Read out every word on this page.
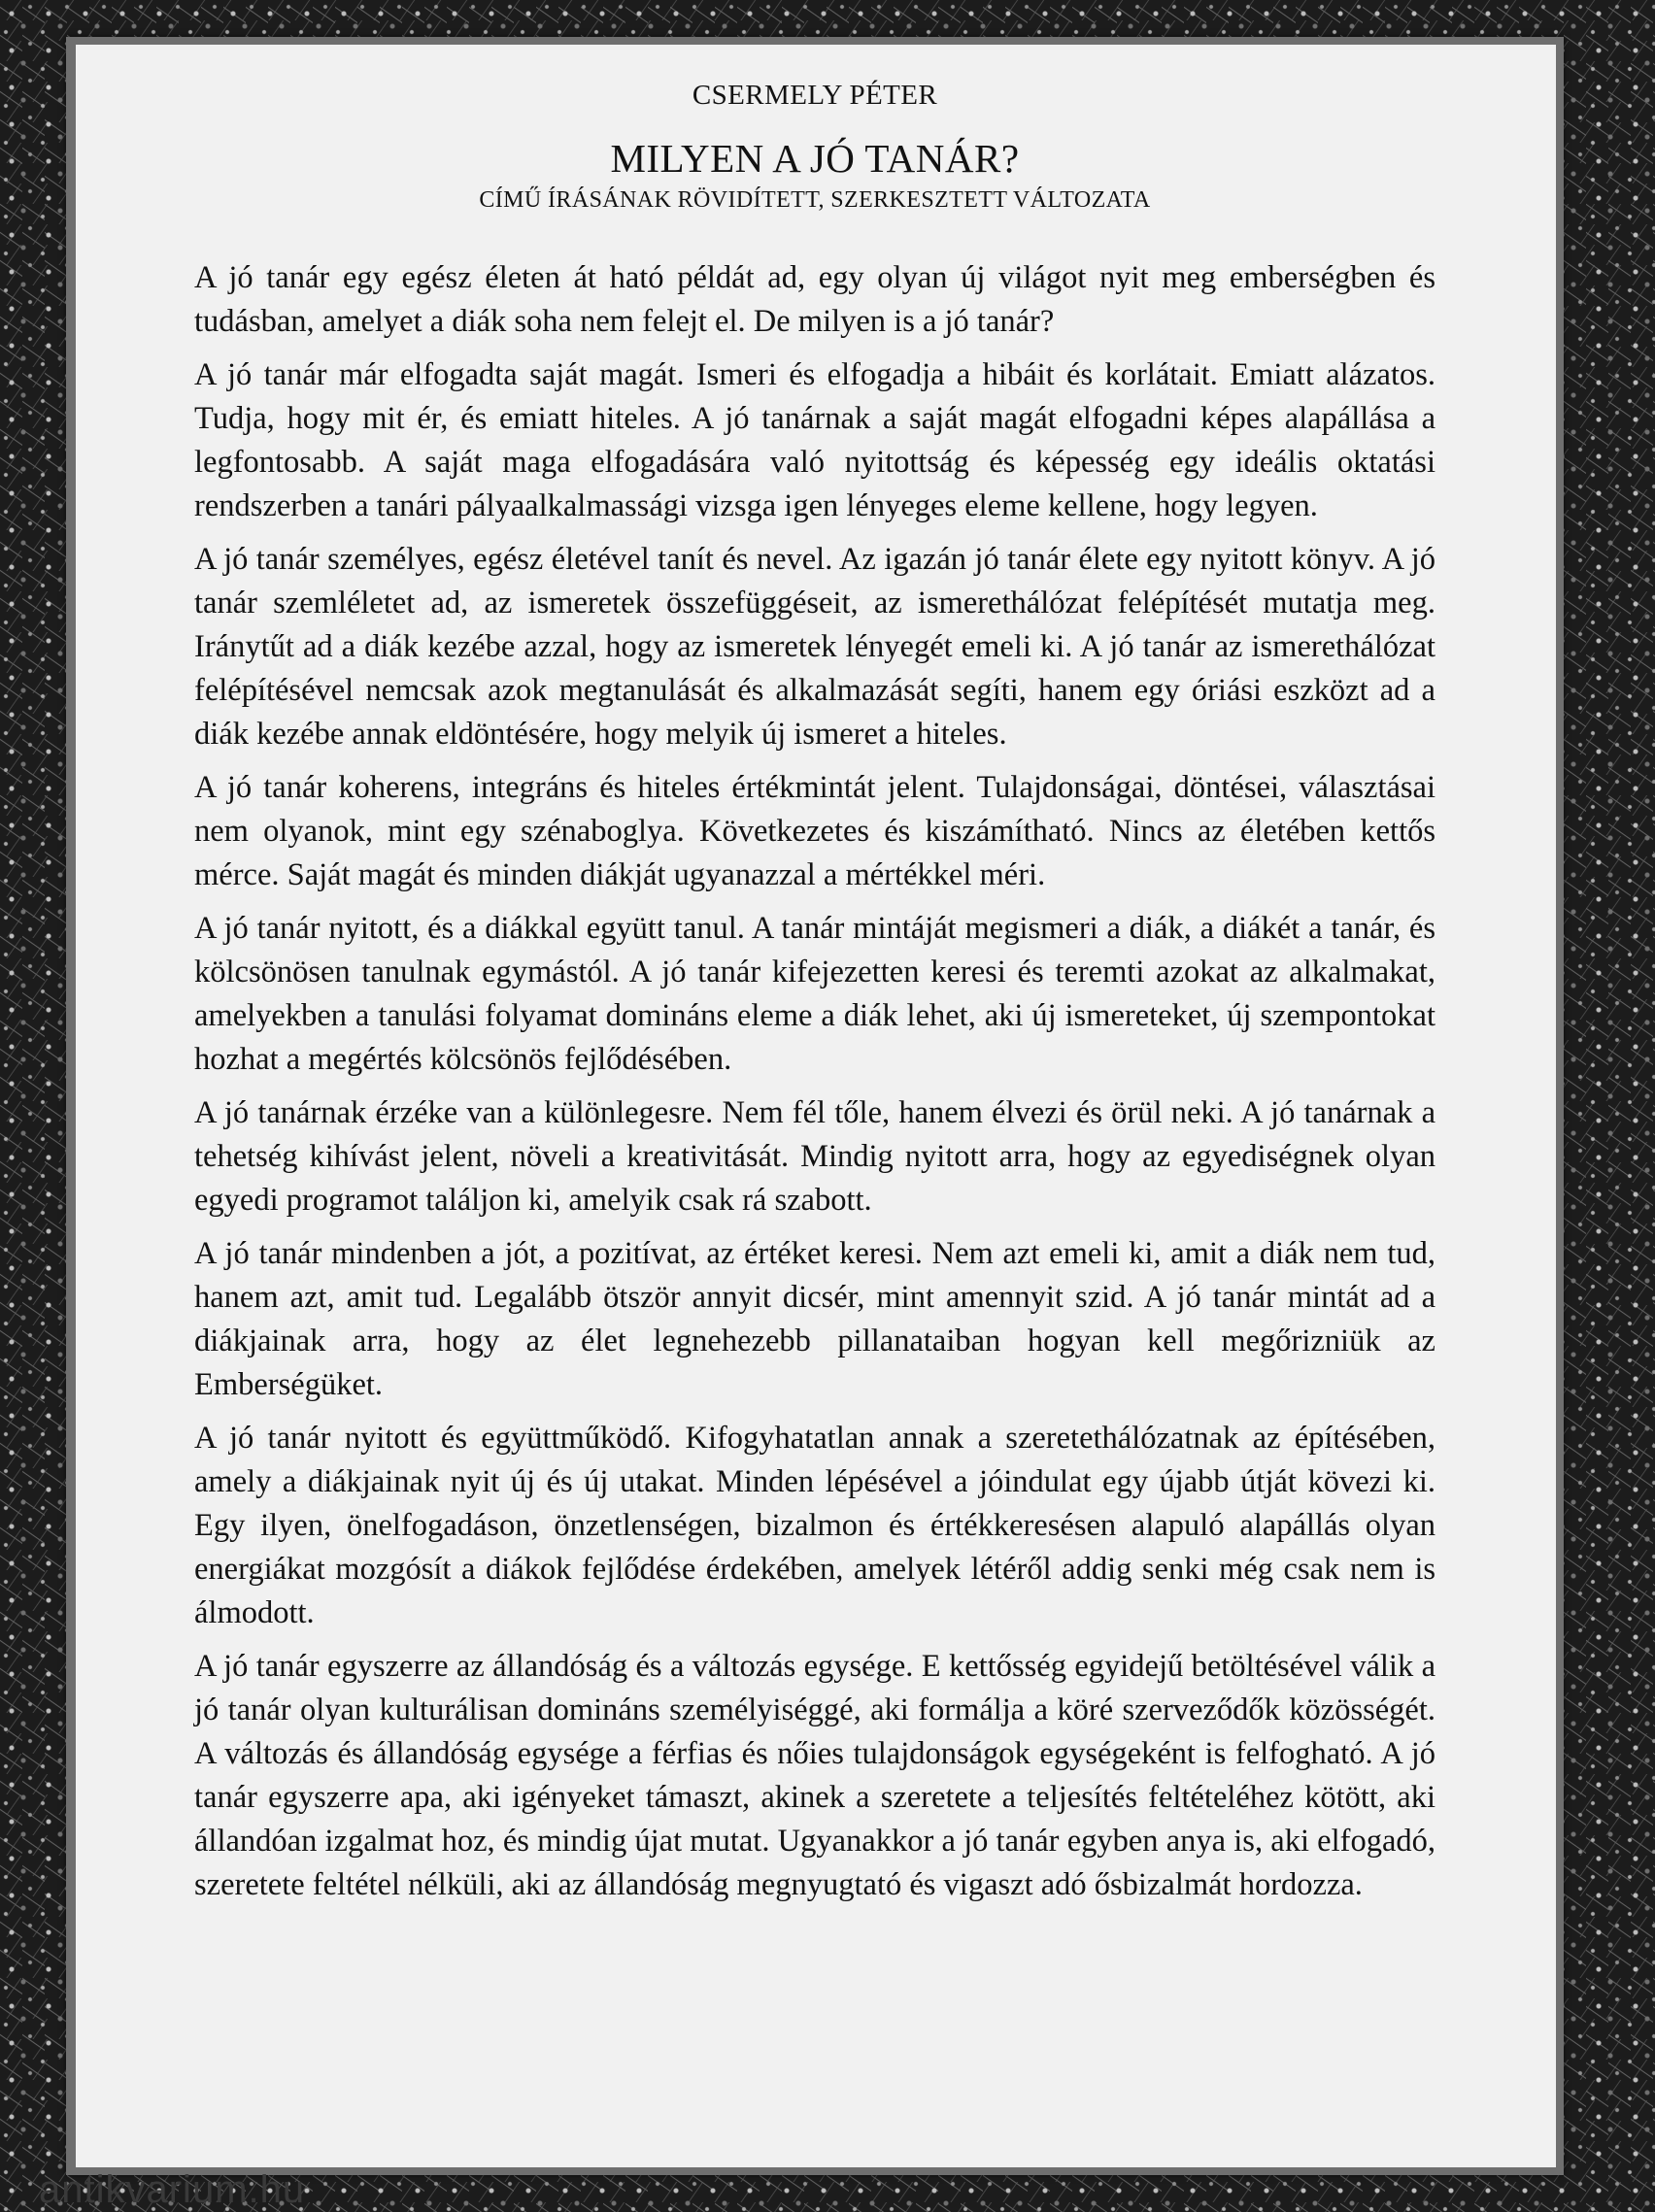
CSERMELY PÉTER
MILYEN A JÓ TANÁR?
CÍMŰ ÍRÁSÁNAK RÖVIDÍTETT, SZERKESZTETT VÁLTOZATA

A jó tanár egy egész életen át ható példát ad, egy olyan új világot nyit meg emberségben és tudásban, amelyet a diák soha nem felejt el. De milyen is a jó tanár?

A jó tanár már elfogadta saját magát. Ismeri és elfogadja a hibáit és korlátait. Emiatt alázatos. Tudja, hogy mit ér, és emiatt hiteles. A jó tanárnak a saját magát elfogadni képes alapállása a legfontosabb. A saját maga elfogadására való nyitottság és képesség egy ideális oktatási rendszerben a tanári pályaalkalmassági vizsga igen lényeges eleme kellene, hogy legyen.

A jó tanár személyes, egész életével tanít és nevel. Az igazán jó tanár élete egy nyitott könyv. A jó tanár szemléletet ad, az ismeretek összefüggéseit, az ismerethálózat felépítését mutatja meg. Iránytűt ad a diák kezébe azzal, hogy az ismeretek lényegét emeli ki. A jó tanár az ismerethálózat felépítésével nemcsak azok megtanulását és alkalmazását segíti, hanem egy óriási eszközt ad a diák kezébe annak eldöntésére, hogy melyik új ismeret a hiteles.

A jó tanár koherens, integráns és hiteles értékmintát jelent. Tulajdonságai, döntései, választásai nem olyanok, mint egy szénaboglya. Következetes és kiszámítható. Nincs az életében kettős mérce. Saját magát és minden diákját ugyanazzal a mértékkel méri.

A jó tanár nyitott, és a diákkal együtt tanul. A tanár mintáját megismeri a diák, a diákét a tanár, és kölcsönösen tanulnak egymástól. A jó tanár kifejezetten keresi és teremti azokat az alkalmakat, amelyekben a tanulási folyamat domináns eleme a diák lehet, aki új ismereteket, új szempontokat hozhat a megértés kölcsönös fejlődésében.

A jó tanárnak érzéke van a különlegesre. Nem fél tőle, hanem élvezi és örül neki. A jó tanárnak a tehetség kihívást jelent, növeli a kreativitását. Mindig nyitott arra, hogy az egyediségnek olyan egyedi programot találjon ki, amelyik csak rá szabott.

A jó tanár mindenben a jót, a pozitívat, az értéket keresi. Nem azt emeli ki, amit a diák nem tud, hanem azt, amit tud. Legalább ötször annyit dicsér, mint amennyit szid. A jó tanár mintát ad a diákjainak arra, hogy az élet legnehezebb pillanataiban hogyan kell megőrizniük az Emberségüket.

A jó tanár nyitott és együttműködő. Kifogyhatatlan annak a szeretethálózatnak az építésében, amely a diákjainak nyit új és új utakat. Minden lépésével a jóindulat egy újabb útját kövezi ki. Egy ilyen, önelfogadáson, önzetlenségen, bizalmon és értékkeresésen alapuló alapállás olyan energiákat mozgósít a diákok fejlődése érdekében, amelyek létéről addig senki még csak nem is álmodott.

A jó tanár egyszerre az állandóság és a változás egysége. E kettősség egyidejű betöltésével válik a jó tanár olyan kulturálisan domináns személyiséggé, aki formálja a köré szerveződők közösségét. A változás és állandóság egysége a férfias és nőies tulajdonságok egységeként is felfogható. A jó tanár egyszerre apa, aki igényeket támaszt, akinek a szeretete a teljesítés feltételéhez kötött, aki állandóan izgalmat hoz, és mindig újat mutat. Ugyanakkor a jó tanár egyben anya is, aki elfogadó, szeretete feltétel nélküli, aki az állandóság megnyugtató és vigaszt adó ősbizalmát hordozza.

antikvarium.hu
